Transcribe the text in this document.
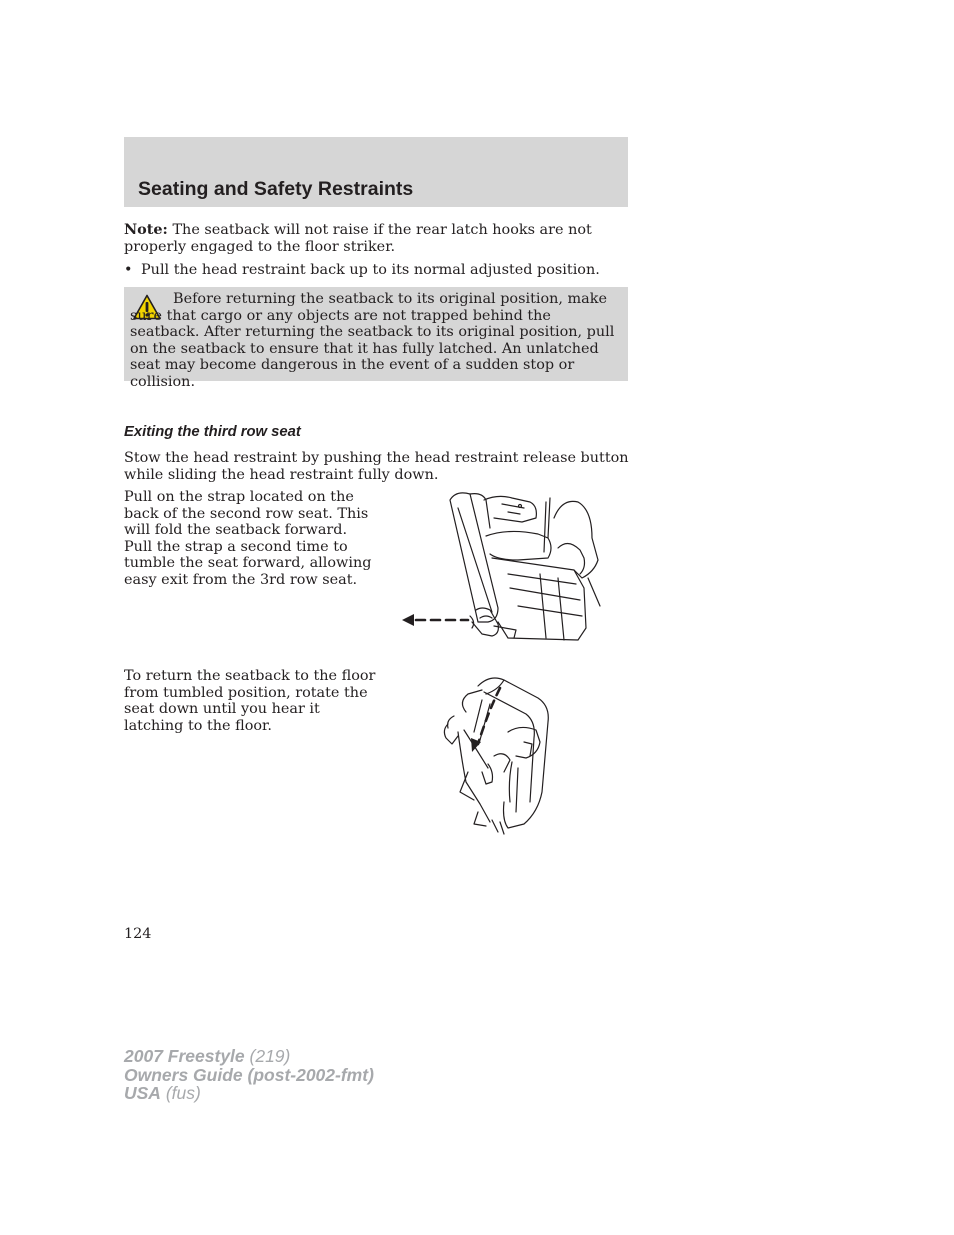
Seating and Safety Restraints

Note: The seatback will not raise if the rear latch hooks are not properly engaged to the floor striker.

• Pull the head restraint back up to its normal adjusted position.

Before returning the seatback to its original position, make sure that cargo or any objects are not trapped behind the seatback. After returning the seatback to its original position, pull on the seatback to ensure that it has fully latched. An unlatched seat may become dangerous in the event of a sudden stop or collision.

Exiting the third row seat

Stow the head restraint by pushing the head restraint release button while sliding the head restraint fully down.

Pull on the strap located on the back of the second row seat. This will fold the seatback forward. Pull the strap a second time to tumble the seat forward, allowing easy exit from the 3rd row seat.

To return the seatback to the floor from tumbled position, rotate the seat down until you hear it latching to the floor.

124
2007 Freestyle (219)
Owners Guide (post-2002-fmt)
USA (fus)
